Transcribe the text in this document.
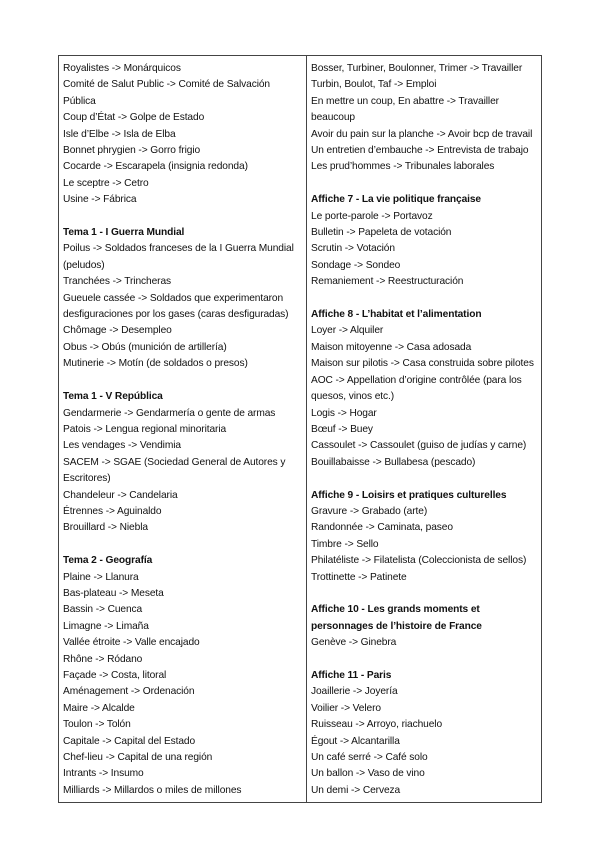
Royalistes -> Monárquicos
Comité de Salut Public -> Comité de Salvación Pública
Coup d’État -> Golpe de Estado
Isle d’Elbe -> Isla de Elba
Bonnet phrygien -> Gorro frigio
Cocarde -> Escarapela (insignia redonda)
Le sceptre -> Cetro
Usine -> Fábrica
Tema 1 - I Guerra Mundial
Poilus -> Soldados franceses de la I Guerra Mundial (peludos)
Tranchées -> Trincheras
Gueuele cassée -> Soldados que experimentaron desfiguraciones por los gases (caras desfiguradas)
Chômage -> Desempleo
Obus -> Obús (munición de artillería)
Mutinerie -> Motín (de soldados o presos)
Tema 1 - V República
Gendarmerie -> Gendarmería o gente de armas
Patois -> Lengua regional minoritaria
Les vendages -> Vendimia
SACEM -> SGAE (Sociedad General de Autores y Escritores)
Chandeleur -> Candelaria
Étrennes -> Aguinaldo
Brouillard -> Niebla
Tema 2 - Geografía
Plaine -> Llanura
Bas-plateau -> Meseta
Bassin -> Cuenca
Limagne -> Limaña
Vallée étroite -> Valle encajado
Rhône -> Ródano
Façade -> Costa, litoral
Aménagement -> Ordenación
Maire -> Alcalde
Toulon -> Tolón
Capitale -> Capital del Estado
Chef-lieu -> Capital de una región
Intrants -> Insumo
Milliards -> Millardos o miles de millones

Bosser, Turbiner, Boulonner, Trimer -> Travailler
Turbin, Boulot, Taf -> Emploi
En mettre un coup, En abattre -> Travailler beaucoup
Avoir du pain sur la planche -> Avoir bcp de travail
Un entretien d’embauche -> Entrevista de trabajo
Les prud’hommes -> Tribunales laborales
Affiche 7 - La vie politique française
Le porte-parole -> Portavoz
Bulletin -> Papeleta de votación
Scrutin -> Votación
Sondage -> Sondeo
Remaniement -> Reestructuración
Affiche 8 - L’habitat et l’alimentation
Loyer -> Alquiler
Maison mitoyenne -> Casa adosada
Maison sur pilotis -> Casa construida sobre pilotes
AOC -> Appellation d’origine contrôlée (para los quesos, vinos etc.)
Logis -> Hogar
Bœuf -> Buey
Cassoulet -> Cassoulet (guiso de judías y carne)
Bouillabaisse -> Bullabesa (pescado)
Affiche 9 - Loisirs et pratiques culturelles
Gravure -> Grabado (arte)
Randonnée -> Caminata, paseo
Timbre -> Sello
Philatéliste -> Filatelista (Coleccionista de sellos)
Trottinette -> Patinete
Affiche 10 - Les grands moments et personnages de l’histoire de France
Genève -> Ginebra
Affiche 11 - Paris
Joaillerie -> Joyería
Voilier -> Velero
Ruisseau -> Arroyo, riachuelo
Égout -> Alcantarilla
Un café serré -> Café solo
Un ballon -> Vaso de vino
Un demi -> Cerveza
